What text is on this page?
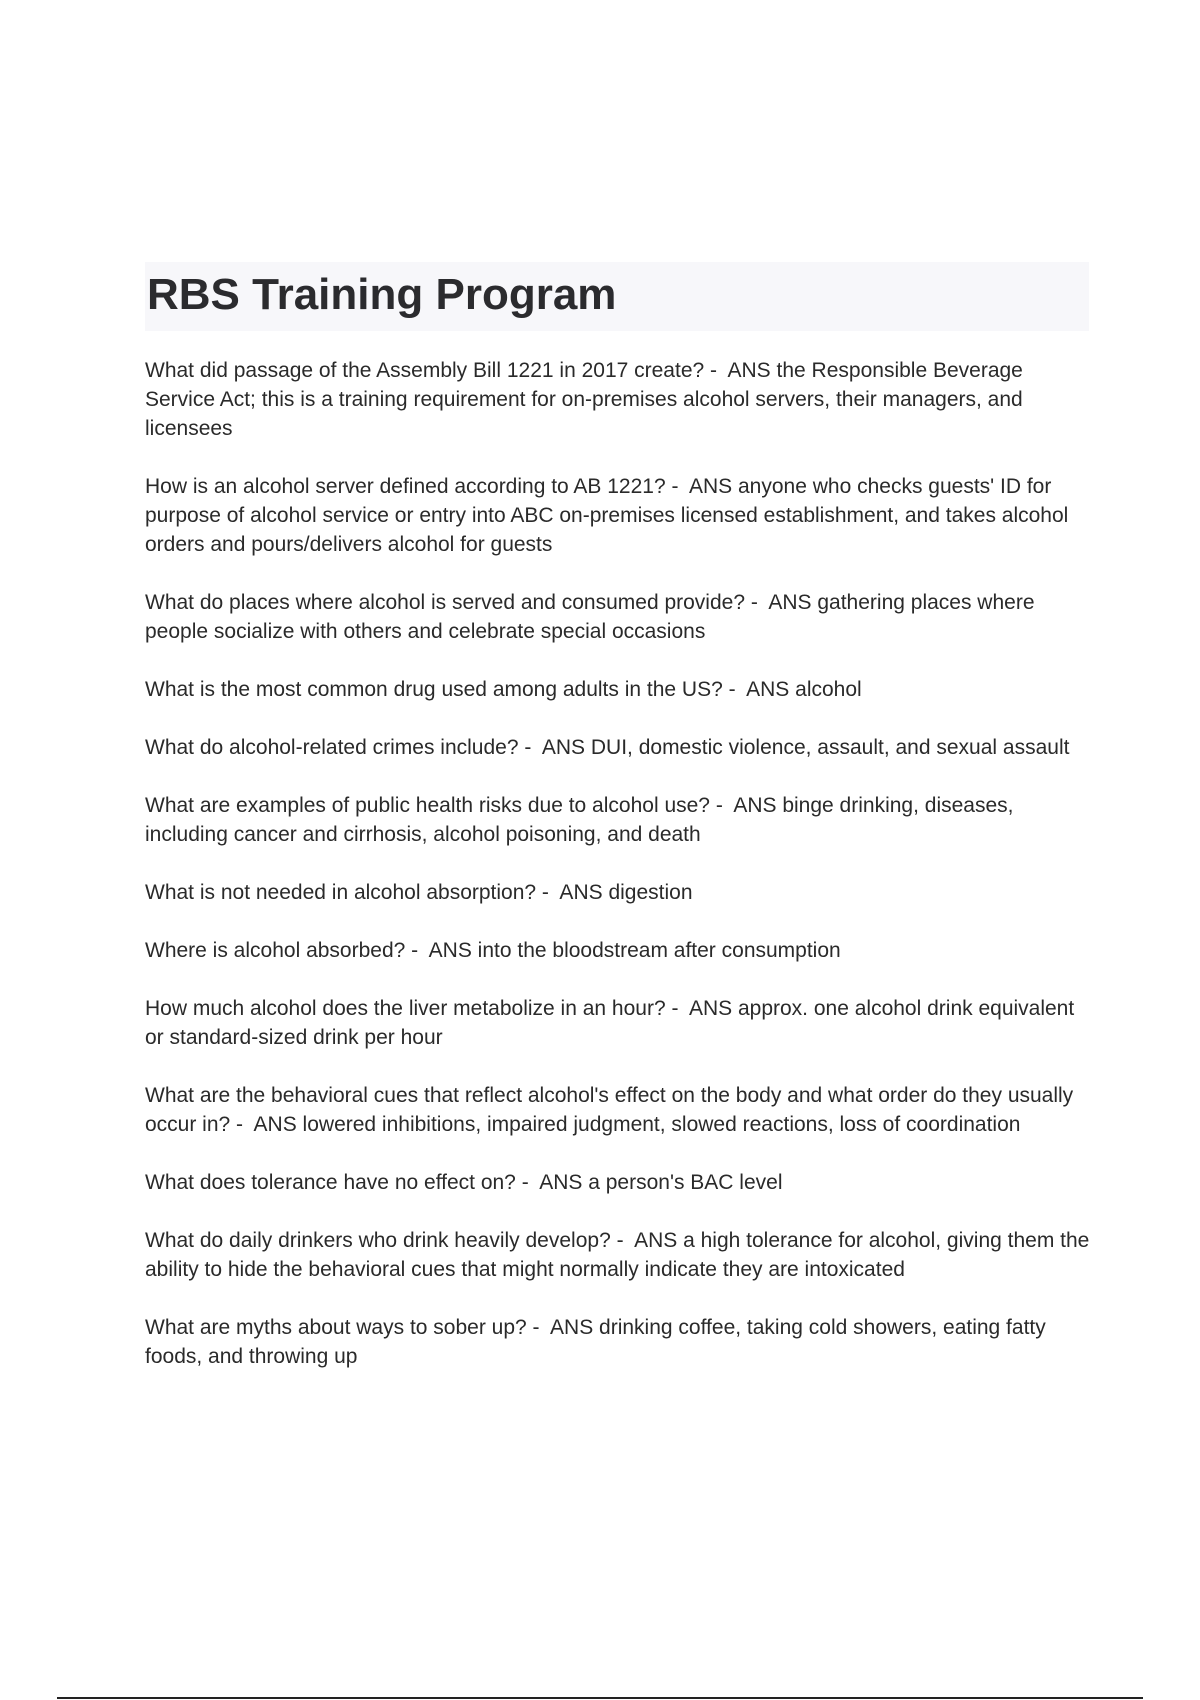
RBS Training Program
What did passage of the Assembly Bill 1221 in 2017 create? -  ANS the Responsible Beverage Service Act; this is a training requirement for on-premises alcohol servers, their managers, and licensees
How is an alcohol server defined according to AB 1221? -  ANS anyone who checks guests' ID for purpose of alcohol service or entry into ABC on-premises licensed establishment, and takes alcohol orders and pours/delivers alcohol for guests
What do places where alcohol is served and consumed provide? -  ANS gathering places where people socialize with others and celebrate special occasions
What is the most common drug used among adults in the US? -  ANS alcohol
What do alcohol-related crimes include? -  ANS DUI, domestic violence, assault, and sexual assault
What are examples of public health risks due to alcohol use? -  ANS binge drinking, diseases, including cancer and cirrhosis, alcohol poisoning, and death
What is not needed in alcohol absorption? -  ANS digestion
Where is alcohol absorbed? -  ANS into the bloodstream after consumption
How much alcohol does the liver metabolize in an hour? -  ANS approx. one alcohol drink equivalent or standard-sized drink per hour
What are the behavioral cues that reflect alcohol's effect on the body and what order do they usually occur in? -  ANS lowered inhibitions, impaired judgment, slowed reactions, loss of coordination
What does tolerance have no effect on? -  ANS a person's BAC level
What do daily drinkers who drink heavily develop? -  ANS a high tolerance for alcohol, giving them the ability to hide the behavioral cues that might normally indicate they are intoxicated
What are myths about ways to sober up? -  ANS drinking coffee, taking cold showers, eating fatty foods, and throwing up
